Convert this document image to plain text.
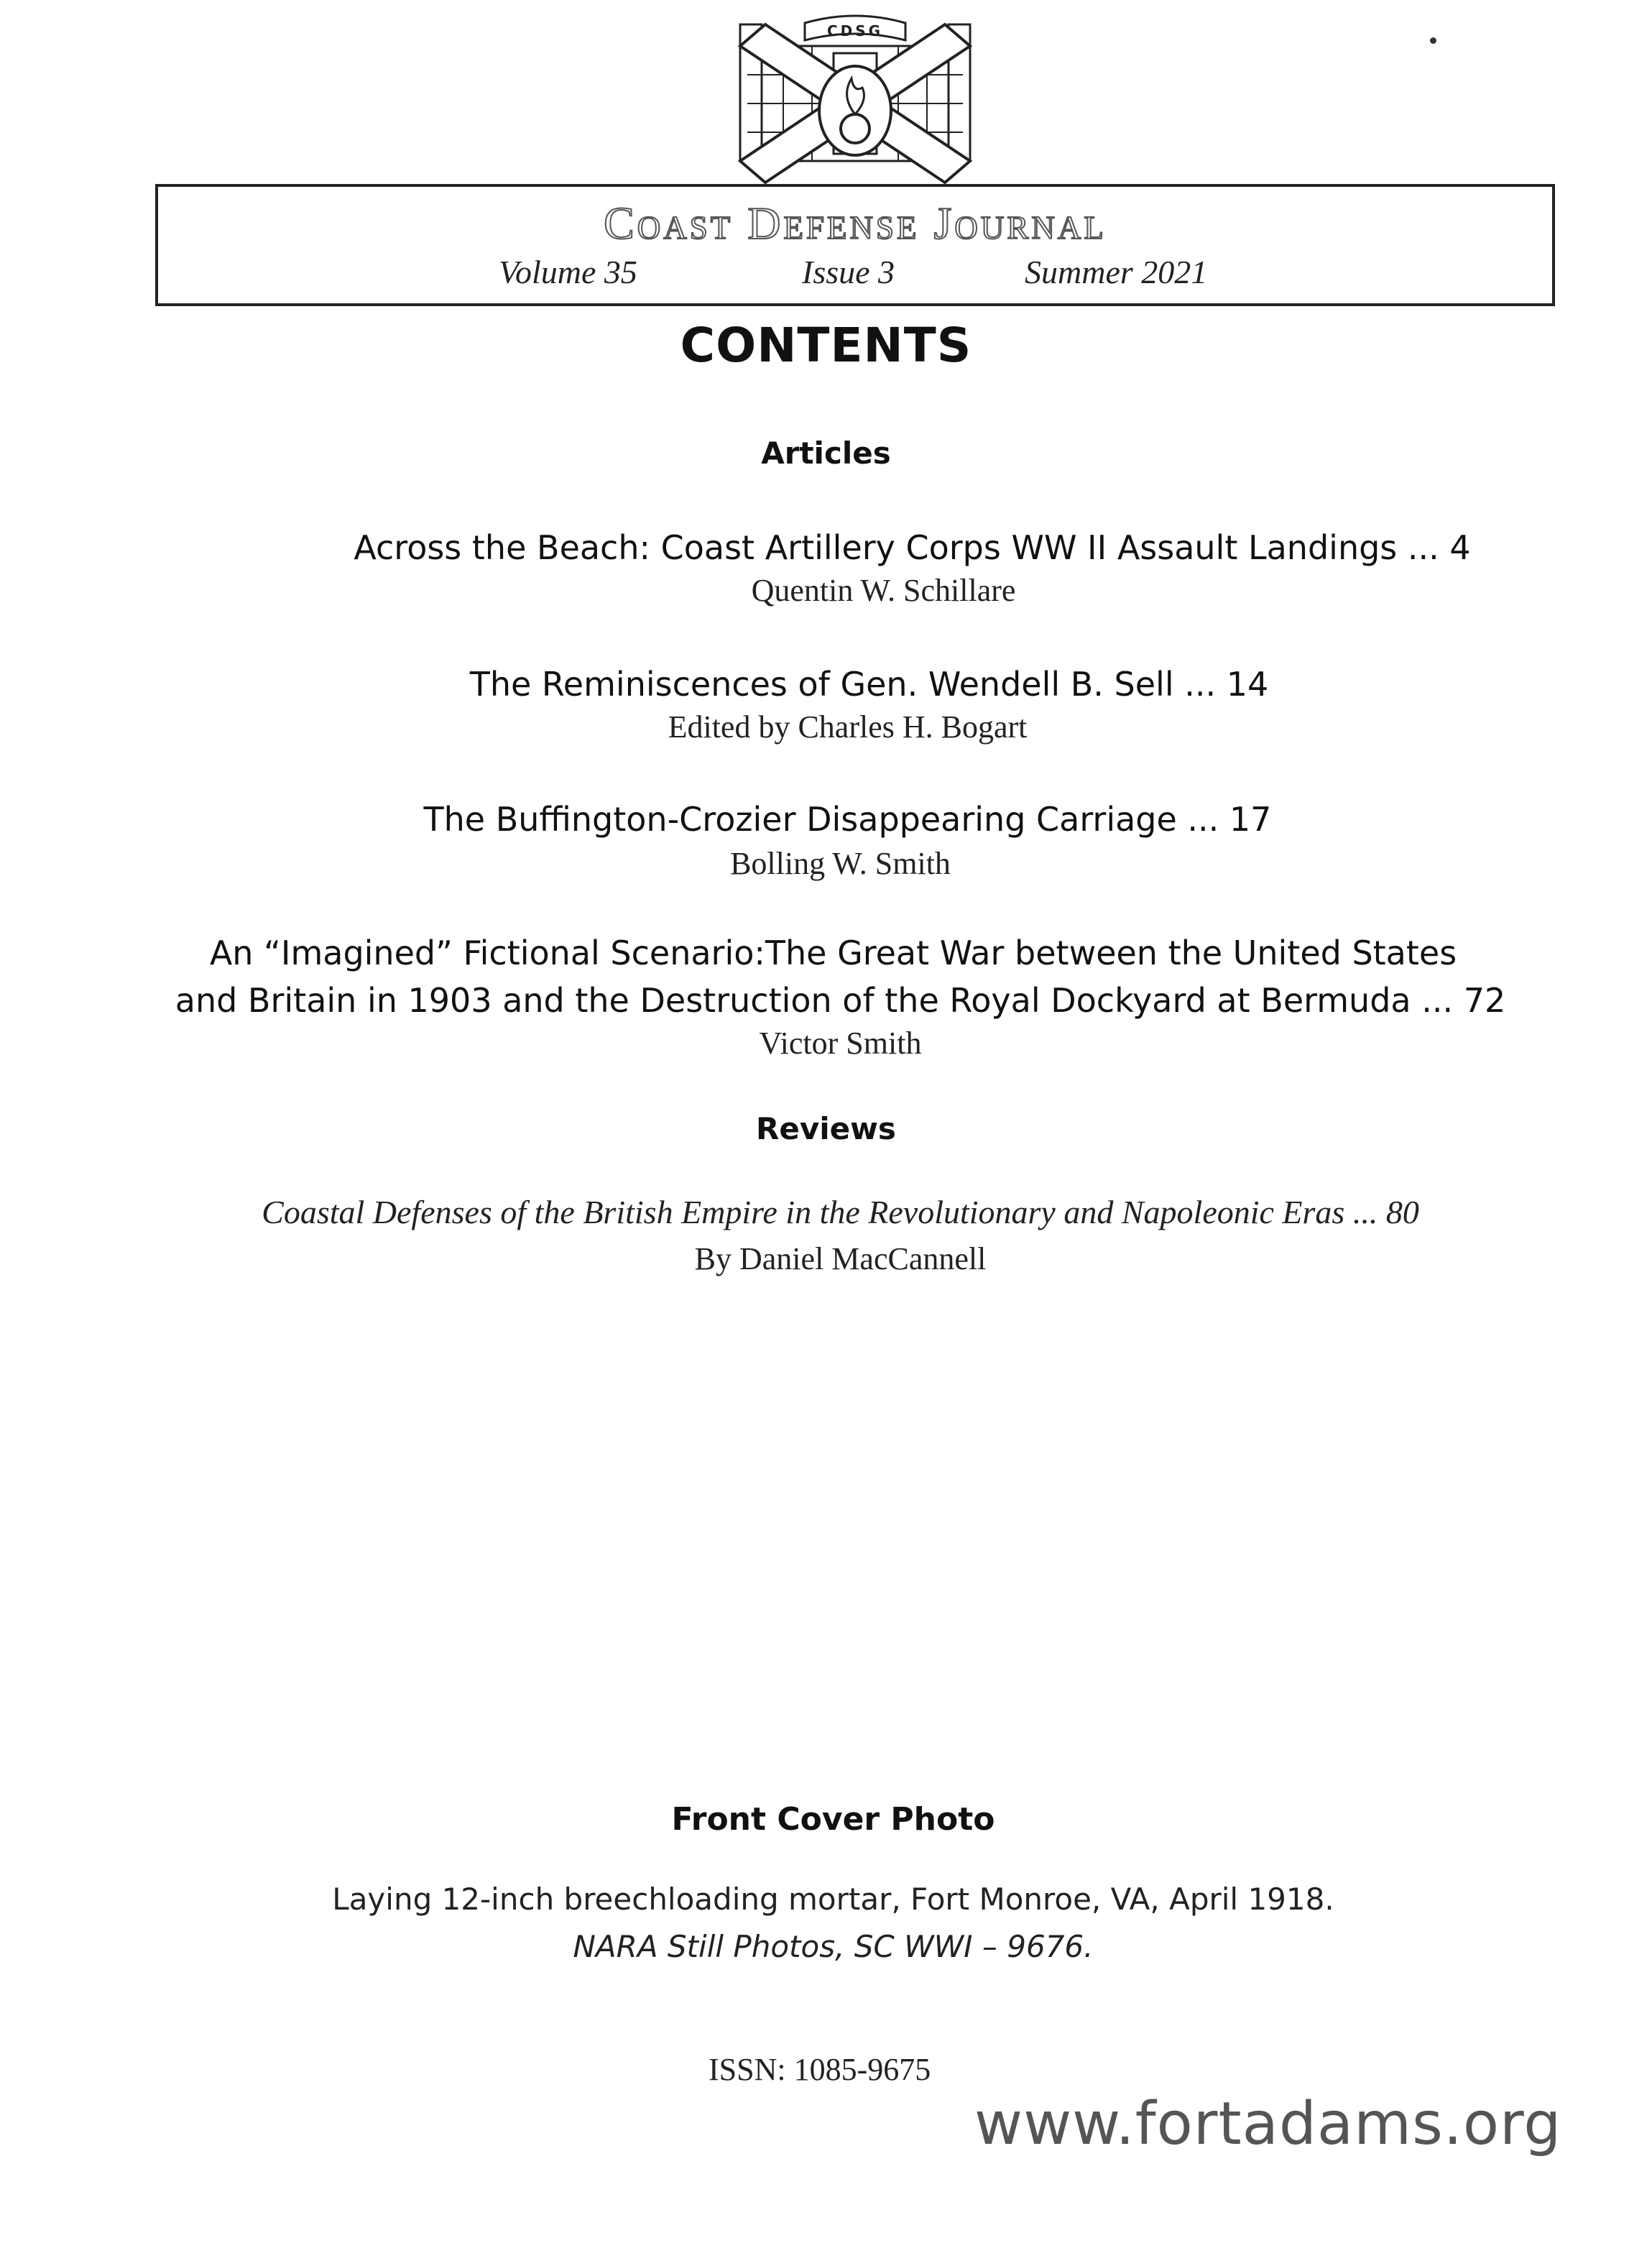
CDSG
Coast Defense Journal
Volume 35	Issue 3	Summer 2021
CONTENTS
Articles
Across the Beach: Coast Artillery Corps WW II Assault Landings ... 4
Quentin W. Schillare
The Reminiscences of Gen. Wendell B. Sell ... 14
Edited by Charles H. Bogart
The Buffington-Crozier Disappearing Carriage ... 17
Bolling W. Smith
An “Imagined” Fictional Scenario:The Great War between the United States
and Britain in 1903 and the Destruction of the Royal Dockyard at Bermuda ... 72
Victor Smith
Reviews
Coastal Defenses of the British Empire in the Revolutionary and Napoleonic Eras ... 80
By Daniel MacCannell
Front Cover Photo
Laying 12-inch breechloading mortar, Fort Monroe, VA, April 1918.
NARA Still Photos, SC WWI – 9676.
ISSN: 1085-9675
www.fortadams.org
